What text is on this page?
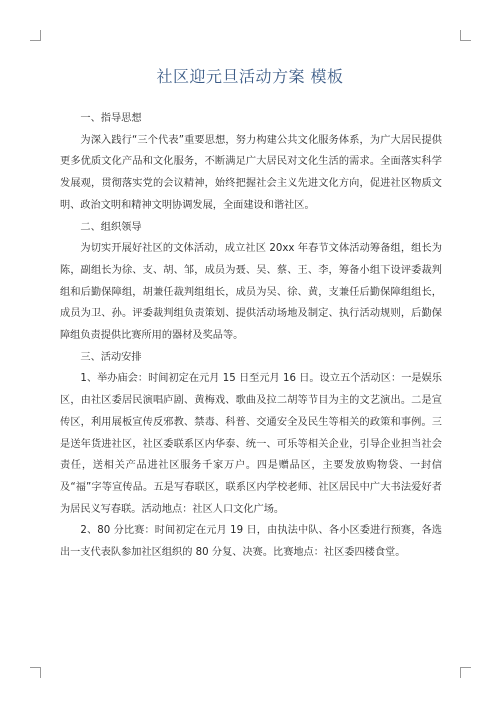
社区迎元旦活动方案 模板

一、指导思想

为深入践行“三个代表”重要思想，努力构建公共文化服务体系，为广大居民提供更多优质文化产品和文化服务，不断满足广大居民对文化生活的需求。全面落实科学发展观，贯彻落实党的会议精神，始终把握社会主义先进文化方向，促进社区物质文明、政治文明和精神文明协调发展，全面建设和谐社区。

二、组织领导

为切实开展好社区的文体活动，成立社区 20xx 年春节文体活动筹备组，组长为陈，副组长为徐、支、胡、邹，成员为聂、吴、蔡、王、李，筹备小组下设评委裁判组和后勤保障组，胡兼任裁判组组长，成员为吴、徐、黄，支兼任后勤保障组组长，成员为卫、孙。评委裁判组负责策划、提供活动场地及制定、执行活动规则，后勤保障组负责提供比赛所用的器材及奖品等。

三、活动安排

1、举办庙会：时间初定在元月 15 日至元月 16 日。设立五个活动区：一是娱乐区，由社区委居民演唱庐剧、黄梅戏、歌曲及拉二胡等节目为主的文艺演出。二是宣传区，利用展板宣传反邪教、禁毒、科普、交通安全及民生等相关的政策和事例。三是送年货进社区，社区委联系区内华泰、统一、可乐等相关企业，引导企业担当社会责任，送相关产品进社区服务千家万户。四是赠品区，主要发放购物袋、一封信及“福”字等宣传品。五是写春联区，联系区内学校老师、社区居民中广大书法爱好者为居民义写春联。活动地点：社区人口文化广场。

2、80 分比赛：时间初定在元月 19 日，由执法中队、各小区委进行预赛，各选出一支代表队参加社区组织的 80 分复、决赛。比赛地点：社区委四楼食堂。
